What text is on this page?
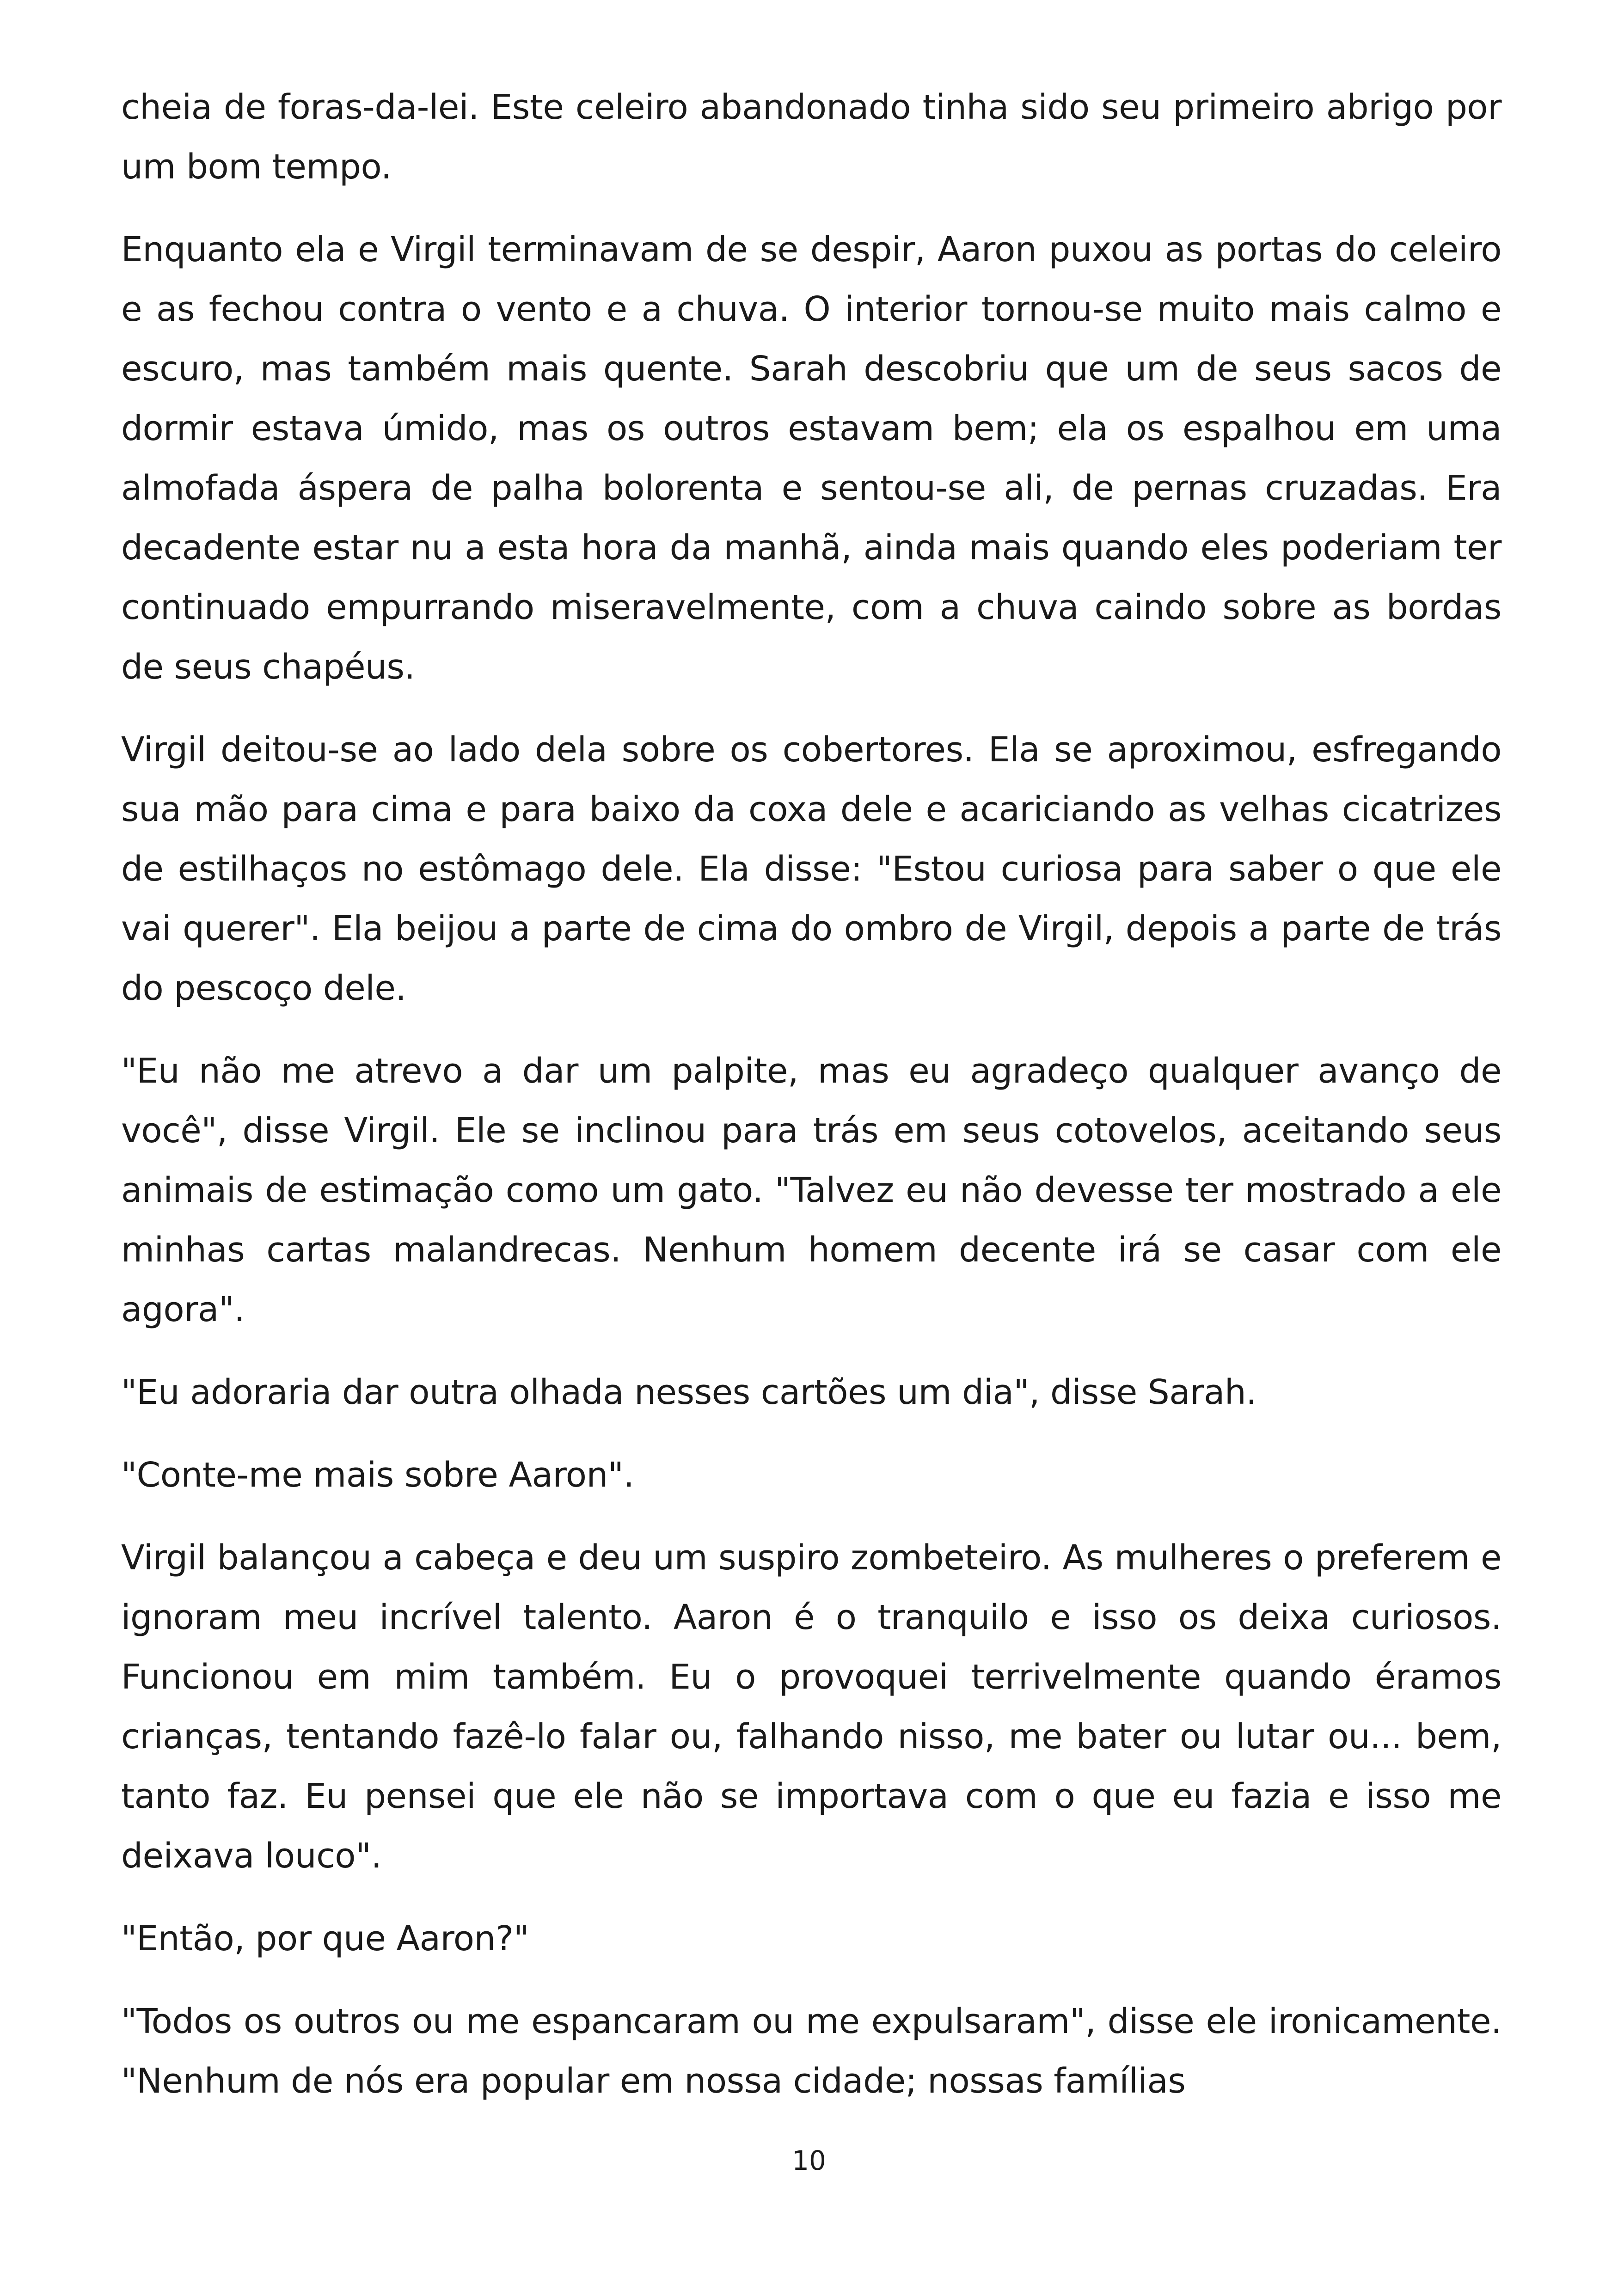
cheia de foras-da-lei. Este celeiro abandonado tinha sido seu primeiro abrigo por um bom tempo.

Enquanto ela e Virgil terminavam de se despir, Aaron puxou as portas do celeiro e as fechou contra o vento e a chuva. O interior tornou-se muito mais calmo e escuro, mas também mais quente. Sarah descobriu que um de seus sacos de dormir estava úmido, mas os outros estavam bem; ela os espalhou em uma almofada áspera de palha bolorenta e sentou-se ali, de pernas cruzadas. Era decadente estar nu a esta hora da manhã, ainda mais quando eles poderiam ter continuado empurrando miseravelmente, com a chuva caindo sobre as bordas de seus chapéus.

Virgil deitou-se ao lado dela sobre os cobertores. Ela se aproximou, esfregando sua mão para cima e para baixo da coxa dele e acariciando as velhas cicatrizes de estilhaços no estômago dele. Ela disse: "Estou curiosa para saber o que ele vai querer". Ela beijou a parte de cima do ombro de Virgil, depois a parte de trás do pescoço dele.

"Eu não me atrevo a dar um palpite, mas eu agradeço qualquer avanço de você", disse Virgil. Ele se inclinou para trás em seus cotovelos, aceitando seus animais de estimação como um gato. "Talvez eu não devesse ter mostrado a ele minhas cartas malandrecas. Nenhum homem decente irá se casar com ele agora".

"Eu adoraria dar outra olhada nesses cartões um dia", disse Sarah.

"Conte-me mais sobre Aaron".

Virgil balançou a cabeça e deu um suspiro zombeteiro. As mulheres o preferem e ignoram meu incrível talento. Aaron é o tranquilo e isso os deixa curiosos. Funcionou em mim também. Eu o provoquei terrivelmente quando éramos crianças, tentando fazê-lo falar ou, falhando nisso, me bater ou lutar ou... bem, tanto faz. Eu pensei que ele não se importava com o que eu fazia e isso me deixava louco".

"Então, por que Aaron?"

"Todos os outros ou me espancaram ou me expulsaram", disse ele ironicamente. "Nenhum de nós era popular em nossa cidade; nossas famílias

10
